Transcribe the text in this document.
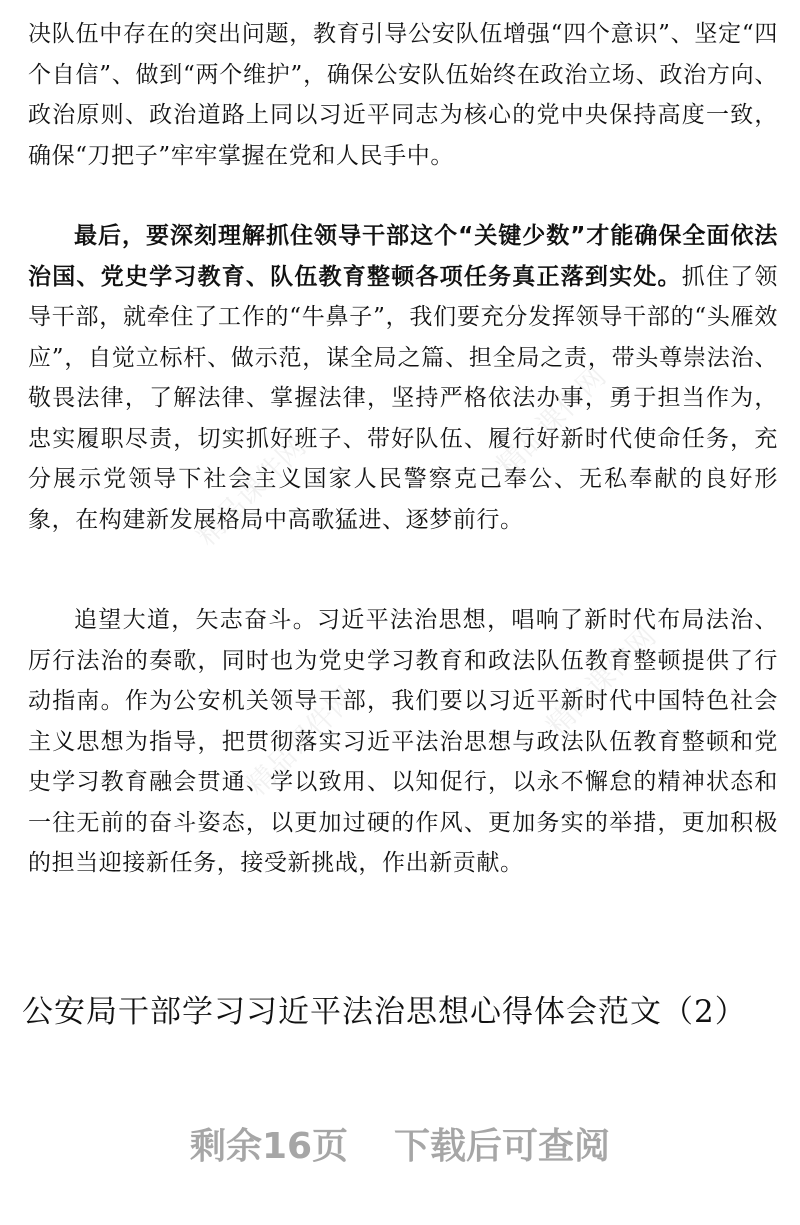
决队伍中存在的突出问题，教育引导公安队伍增强“四个意识”、坚定“四个自信”、做到“两个维护”，确保公安队伍始终在政治立场、政治方向、政治原则、政治道路上同以习近平同志为核心的党中央保持高度一致，确保“刀把子”牢牢掌握在党和人民手中。
最后，要深刻理解抓住领导干部这个“关键少数”才能确保全面依法治国、党史学习教育、队伍教育整顿各项任务真正落到实处。抓住了领导干部，就牵住了工作的“牛鼻子”，我们要充分发挥领导干部的“头雁效应”，自觉立标杆、做示范，谋全局之篇、担全局之责，带头尊崇法治、敬畏法律，了解法律、掌握法律，坚持严格依法办事，勇于担当作为，忠实履职尽责，切实抓好班子、带好队伍、履行好新时代使命任务，充分展示党领导下社会主义国家人民警察克己奉公、无私奉献的良好形象，在构建新发展格局中高歌猛进、逐梦前行。
追望大道，矢志奋斗。习近平法治思想，唱响了新时代布局法治、厉行法治的奏歌，同时也为党史学习教育和政法队伍教育整顿提供了行动指南。作为公安机关领导干部，我们要以习近平新时代中国特色社会主义思想为指导，把贯彻落实习近平法治思想与政法队伍教育整顿和党史学习教育融会贯通、学以致用、以知促行，以永不懈怠的精神状态和一往无前的奋斗姿态，以更加过硬的作风、更加务实的举措，更加积极的担当迎接新任务，接受新挑战，作出新贡献。
公安局干部学习习近平法治思想心得体会范文（2）
剩余16页 下载后可查阅
精品课件网
精品课件网
精品课件网	精品课件网
